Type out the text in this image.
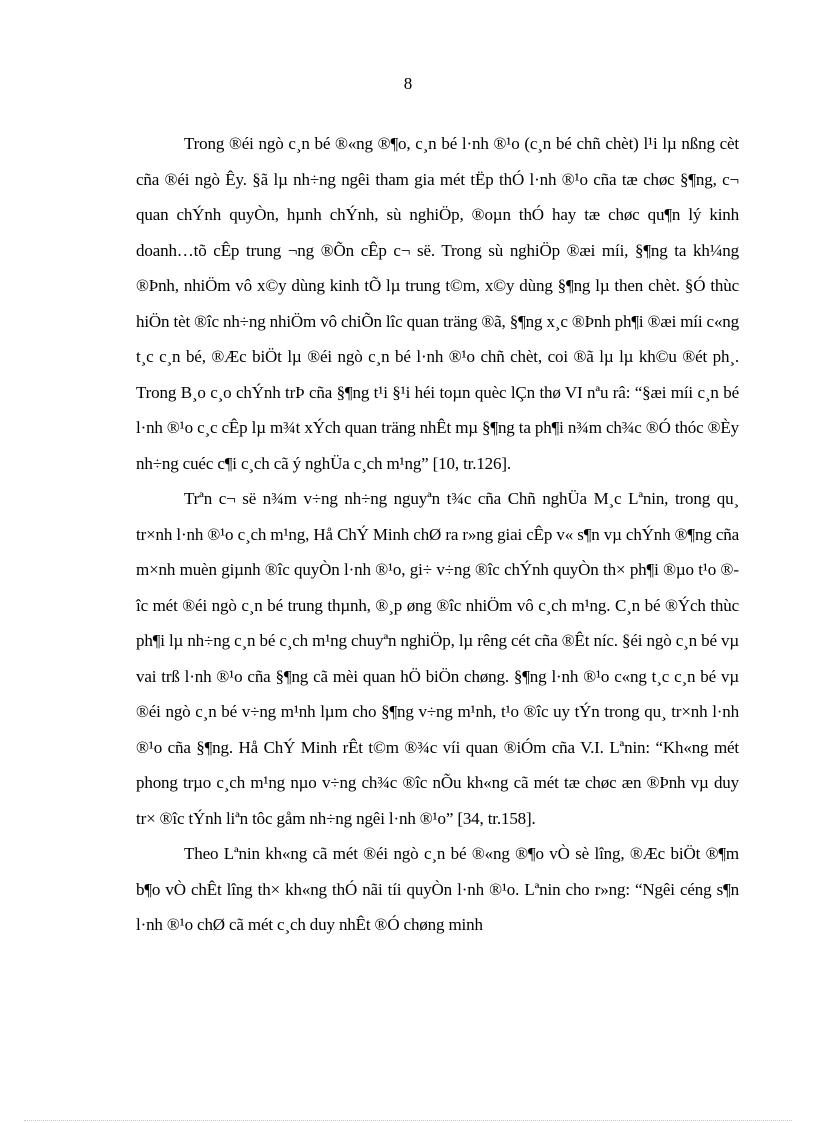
8

Trong ®éi ngò c¸n bé ®«ng ®¶o, c¸n bé l·nh ®¹o (c¸n bé chñ chèt) l¹i lµ nßng cèt cña ®éi ngò Êy. §ã lµ nh÷ng ngêi tham gia mét tËp thÓ l·nh ®¹o cña tæ chøc §¶ng, c¬ quan chÝnh quyÒn, hµnh chÝnh, sù nghiÖp, ®oµn thÓ hay tæ chøc qu¶n lý kinh doanh…tõ cÊp trung ¬ng ®Õn cÊp c¬ së. Trong sù nghiÖp ®æi míi, §¶ng ta kh¼ng ®Þnh, nhiÖm vô x©y dùng kinh tÕ lµ trung t©m, x©y dùng §¶ng lµ then chèt. §Ó thùc hiÖn tèt ®îc nh÷ng nhiÖm vô chiÕn lîc quan träng ®ã, §¶ng x¸c ®Þnh ph¶i ®æi míi c«ng t¸c c¸n bé, ®Æc biÖt lµ ®éi ngò c¸n bé l·nh ®¹o chñ chèt, coi ®ã lµ lµ kh©u ®ét ph¸. Trong B¸o c¸o chÝnh trÞ cña §¶ng t¹i §¹i héi toµn quèc lÇn thø VI nªu râ: “§æi míi c¸n bé l·nh ®¹o c¸c cÊp lµ m¾t xÝch quan träng nhÊt mµ §¶ng ta ph¶i n¾m ch¾c ®Ó thóc ®Èy nh÷ng cuéc c¶i c¸ch cã ý nghÜa c¸ch m¹ng” [10, tr.126].

Trªn c¬ së n¾m v÷ng nh÷ng nguyªn t¾c cña Chñ nghÜa M¸c Lªnin, trong qu¸ tr×nh l·nh ®¹o c¸ch m¹ng, Hå ChÝ Minh chØ ra r»ng giai cÊp v« s¶n vµ chÝnh ®¶ng cña m×nh muèn giµnh ®îc quyÒn l·nh ®¹o, gi÷ v÷ng ®îc chÝnh quyÒn th× ph¶i ®µo t¹o ®îc mét ®éi ngò c¸n bé trung thµnh, ®¸p øng ®îc nhiÖm vô c¸ch m¹ng. C¸n bé ®Ých thùc ph¶i lµ nh÷ng c¸n bé c¸ch m¹ng chuyªn nghiÖp, lµ rêng cét cña ®Êt níc. §éi ngò c¸n bé vµ vai trß l·nh ®¹o cña §¶ng cã mèi quan hÖ biÖn chøng. §¶ng l·nh ®¹o c«ng t¸c c¸n bé vµ ®éi ngò c¸n bé v÷ng m¹nh lµm cho §¶ng v÷ng m¹nh, t¹o ®îc uy tÝn trong qu¸ tr×nh l·nh ®¹o cña §¶ng. Hå ChÝ Minh rÊt t©m ®¾c víi quan ®iÓm cña V.I. Lªnin: “Kh«ng mét phong trµo c¸ch m¹ng nµo v÷ng ch¾c ®îc nÕu kh«ng cã mét tæ chøc æn ®Þnh vµ duy tr× ®îc tÝnh liªn tôc gåm nh÷ng ngêi l·nh ®¹o” [34, tr.158].

Theo Lªnin kh«ng cã mét ®éi ngò c¸n bé ®«ng ®¶o vÒ sè lîng, ®Æc biÖt ®¶m b¶o vÒ chÊt lîng th× kh«ng thÓ nãi tíi quyÒn l·nh ®¹o. Lªnin cho r»ng: “Ngêi céng s¶n l·nh ®¹o chØ cã mét c¸ch duy nhÊt ®Ó chøng minh
